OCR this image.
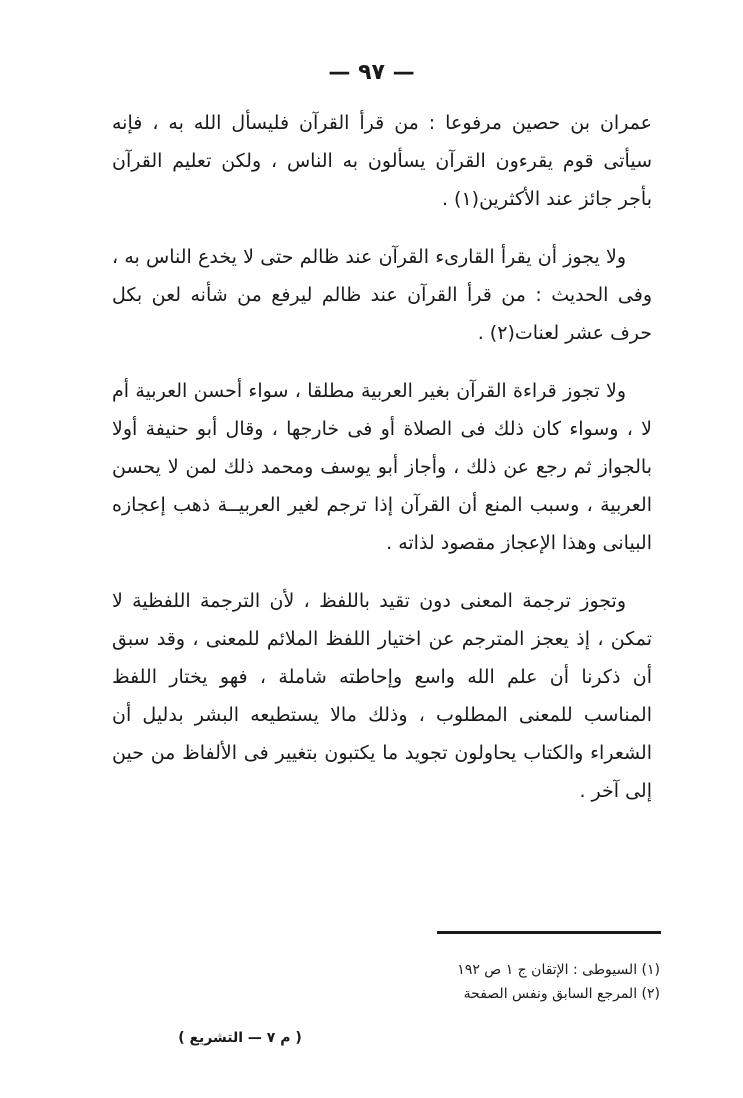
— ٩٧ —

عمران بن حصين مرفوعا : من قرأ القرآن فليسأل الله به ، فإنه سيأتى قوم يقرءون القرآن يسألون به الناس ، ولكن تعليم القرآن بأجر جائز عند الأكثرين(١) .

ولا يجوز أن يقرأ القارىء القرآن عند ظالم حتى لا يخدع الناس به ، وفى الحديث : من قرأ القرآن عند ظالم ليرفع من شأنه لعن بكل حرف عشر لعنات(٢) .

ولا تجوز قراءة القرآن بغير العربية مطلقا ، سواء أحسن العربية أم لا ، وسواء كان ذلك فى الصلاة أو فى خارجها ، وقال أبو حنيفة أولا بالجواز ثم رجع عن ذلك ، وأجاز أبو يوسف ومحمد ذلك لمن لا يحسن العربية ، وسبب المنع أن القرآن إذا ترجم لغير العربيــة ذهب إعجازه البيانى وهذا الإعجاز مقصود لذاته .

وتجوز ترجمة المعنى دون تقيد باللفظ ، لأن الترجمة اللفظية لا تمكن ، إذ يعجز المترجم عن اختيار اللفظ الملائم للمعنى ، وقد سبق أن ذكرنا أن علم الله واسع وإحاطته شاملة ، فهو يختار اللفظ المناسب للمعنى المطلوب ، وذلك مالا يستطيعه البشر بدليل أن الشعراء والكتاب يحاولون تجويد ما يكتبون بتغيير فى الألفاظ من حين إلى آخر .

(١) السيوطى : الإتقان ج ١ ص ١٩٢

(٢) المرجع السابق ونفس الصفحة

( م ٧ — التشريع )
